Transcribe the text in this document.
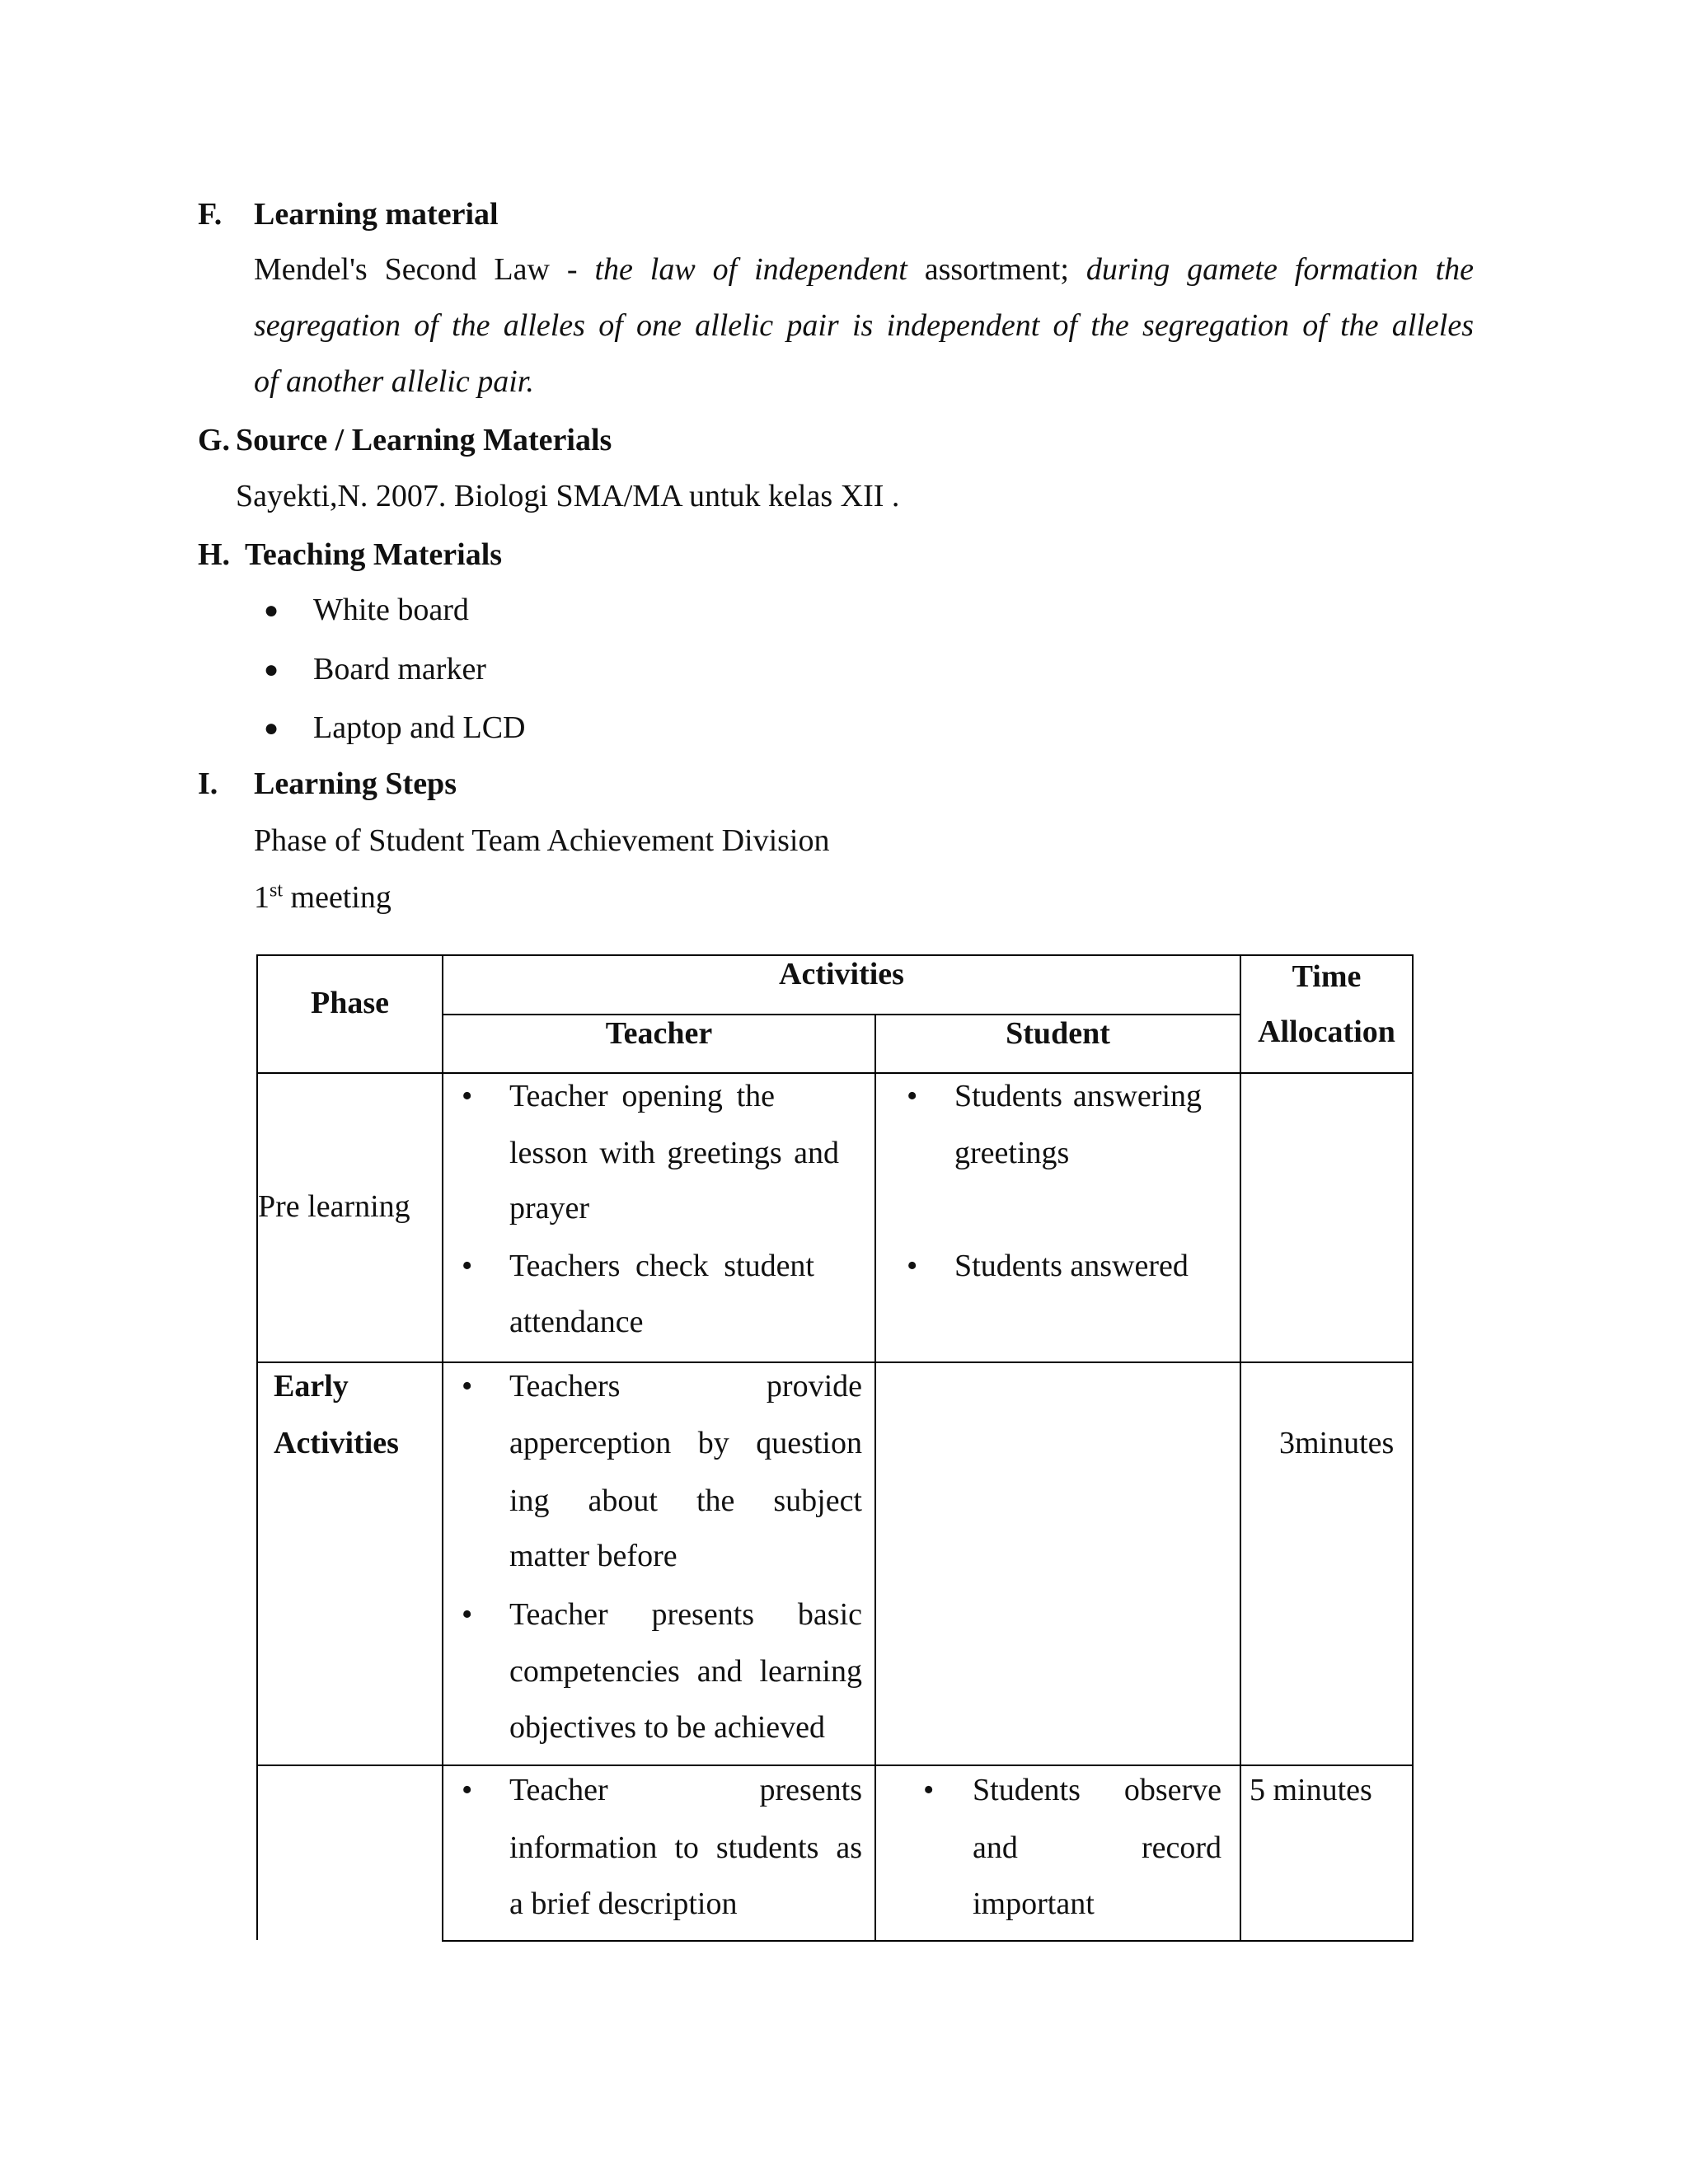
F. Learning material
Mendel's Second Law - the law of independent assortment; during gamete formation the
segregation of the alleles of one allelic pair is independent of the segregation of the alleles
of another allelic pair.
G. Source / Learning Materials
Sayekti,N. 2007. Biologi SMA/MA untuk kelas XII .
H. Teaching Materials
● White board
● Board marker
● Laptop and LCD
I. Learning Steps
Phase of Student Team Achievement Division
1st meeting
Phase
Activities
Teacher	Student
Time
Allocation
Pre learning
• Teacher opening the
lesson with greetings and
prayer
• Teachers check student
attendance
• Students answering
greetings
• Students answered
Early
Activities
• Teachers provide
apperception by question
ing about the subject
matter before
• Teacher presents basic
competencies and learning
objectives to be achieved
3minutes
• Teacher presents
information to students as
a brief description
• Students observe
and record
important
5 minutes
